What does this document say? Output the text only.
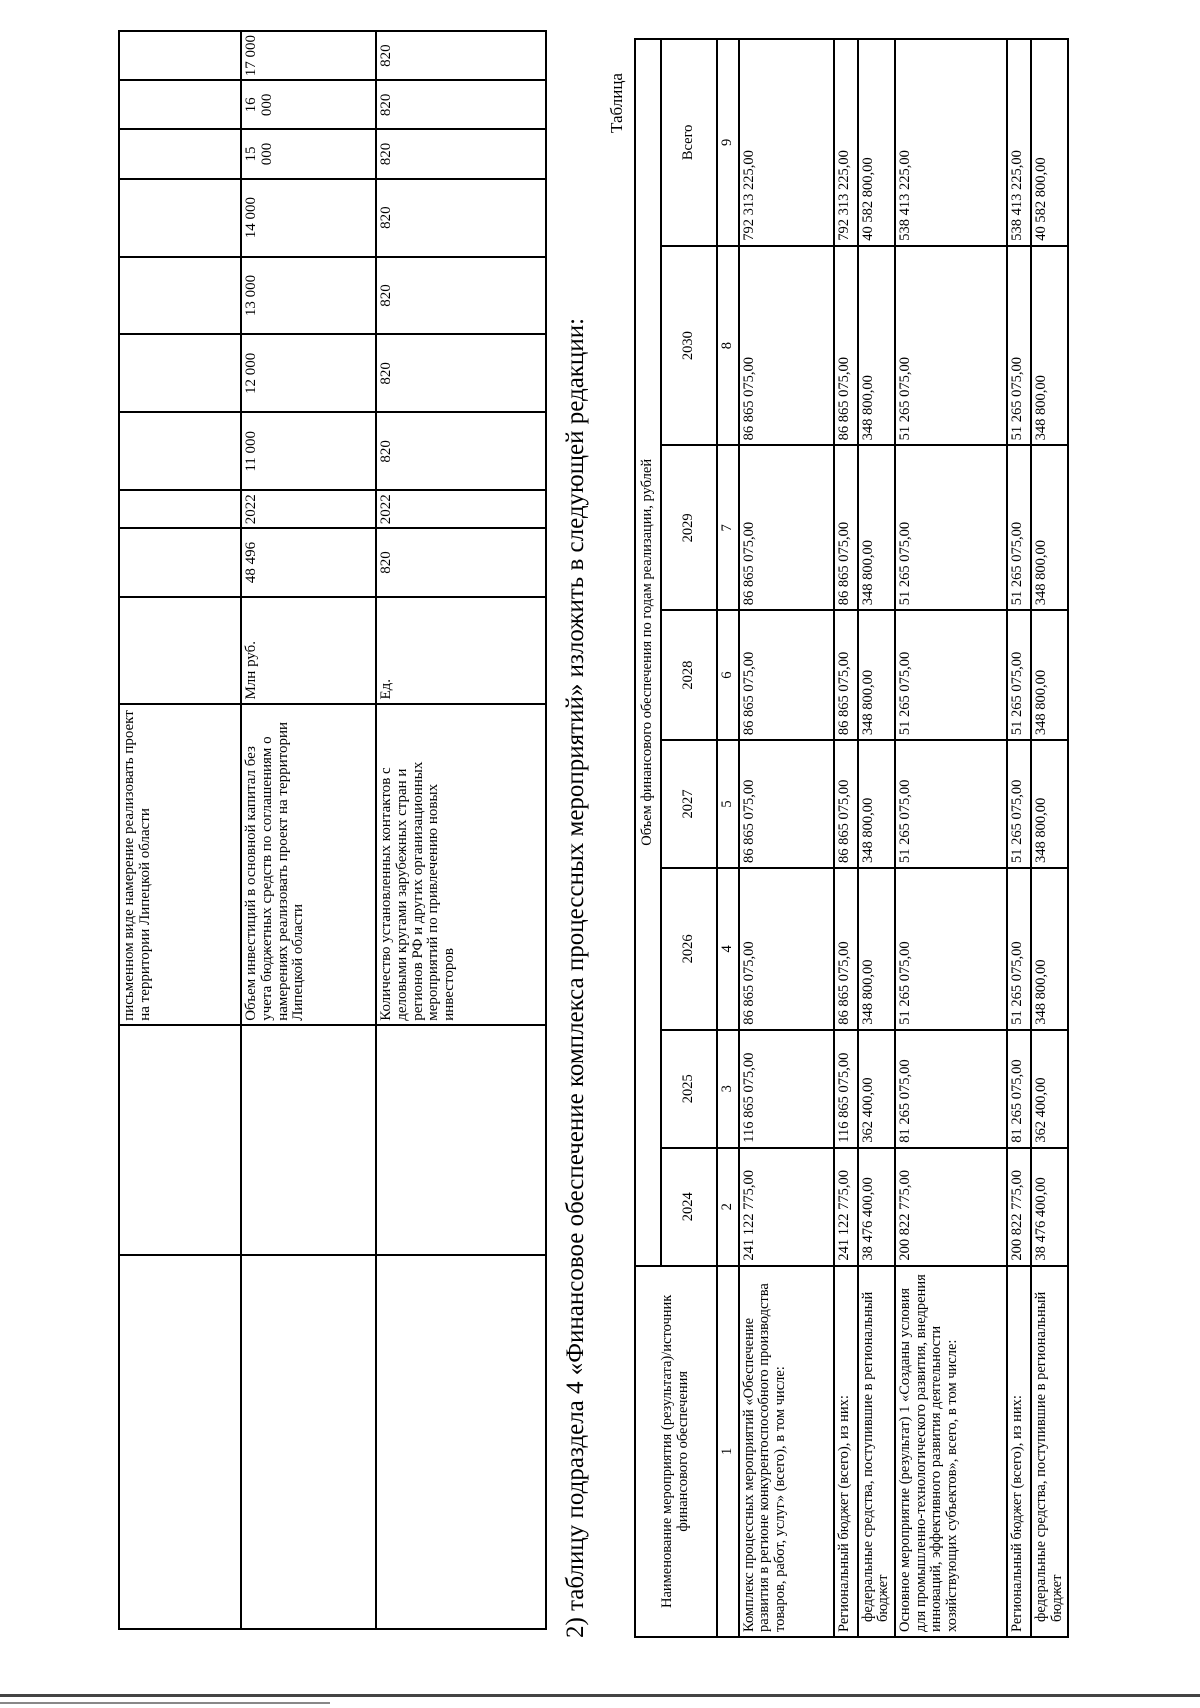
		письменном виде намерение реализовать проект на территории Липецкой области										
		Объем инвестиций в основной капитал без учета бюджетных средств по соглашениям о намерениях реализовать проект на территории Липецкой области	Млн руб.	48 496	2022	11 000	12 000	13 000	14 000	15 000	16 000	17 000
		Количество установленных контактов с деловыми кругами зарубежных стран и регионов РФ и других организационных мероприятий по привлечению новых инвесторов	Ед.	820	2022	820	820	820	820	820	820	820
2) таблицу подраздела 4 «Финансовое обеспечение комплекса процессных мероприятий» изложить в следующей редакции:
Таблица
Наименование мероприятия (результата)/источник финансового обеспечения	Объем финансового обеспечения по годам реализации, рублей							
	2024	2025	2026	2027	2028	2029	2030	Всего
1	2	3	4	5	6	7	8	9
Комплекс процессных мероприятий «Обеспечение развития в регионе конкурентоспособного производства товаров, работ, услуг» (всего), в том числе:	241 122 775,00	116 865 075,00	86 865 075,00	86 865 075,00	86 865 075,00	86 865 075,00	86 865 075,00	792 313 225,00
Региональный бюджет (всего), из них:	241 122 775,00	116 865 075,00	86 865 075,00	86 865 075,00	86 865 075,00	86 865 075,00	86 865 075,00	792 313 225,00
федеральные средства, поступившие в региональный бюджет	38 476 400,00	362 400,00	348 800,00	348 800,00	348 800,00	348 800,00	348 800,00	40 582 800,00
Основное мероприятие (результат) 1 «Созданы условия для промышленно-технологического развития, внедрения инноваций, эффективного развития деятельности хозяйствующих субъектов», всего, в том числе:	200 822 775,00	81 265 075,00	51 265 075,00	51 265 075,00	51 265 075,00	51 265 075,00	51 265 075,00	538 413 225,00
Региональный бюджет (всего), из них:	200 822 775,00	81 265 075,00	51 265 075,00	51 265 075,00	51 265 075,00	51 265 075,00	51 265 075,00	538 413 225,00
федеральные средства, поступившие в региональный бюджет	38 476 400,00	362 400,00	348 800,00	348 800,00	348 800,00	348 800,00	348 800,00	40 582 800,00
